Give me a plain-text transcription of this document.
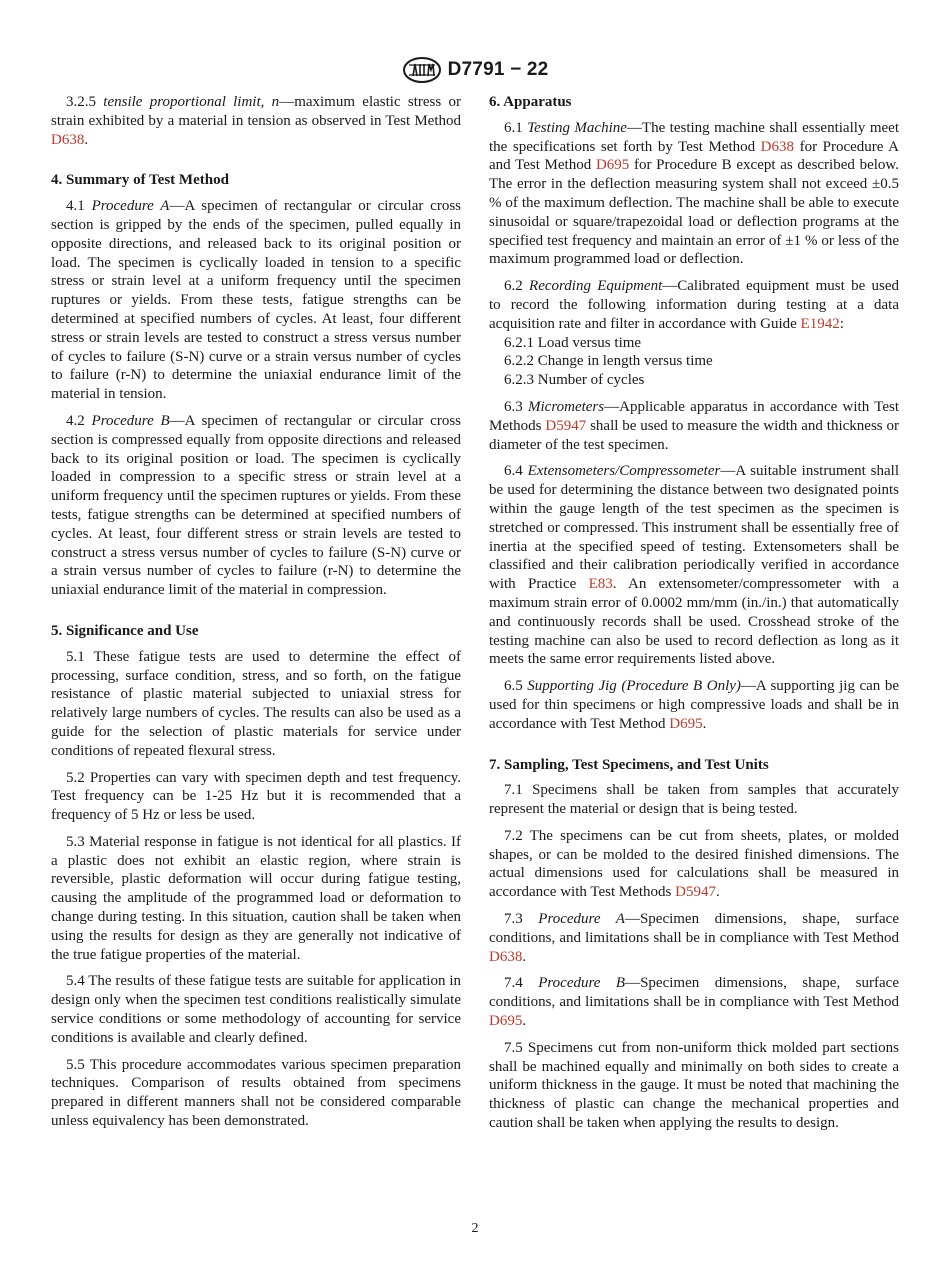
D7791 − 22

3.2.5 tensile proportional limit, n—maximum elastic stress or strain exhibited by a material in tension as observed in Test Method D638.

4. Summary of Test Method

4.1 Procedure A—A specimen of rectangular or circular cross section is gripped by the ends of the specimen, pulled equally in opposite directions, and released back to its original position or load. The specimen is cyclically loaded in tension to a specific stress or strain level at a uniform frequency until the specimen ruptures or yields. From these tests, fatigue strengths can be determined at specified numbers of cycles. At least, four different stress or strain levels are tested to construct a stress versus number of cycles to failure (S-N) curve or a strain versus number of cycles to failure (r-N) to determine the uniaxial endurance limit of the material in tension.

4.2 Procedure B—A specimen of rectangular or circular cross section is compressed equally from opposite directions and released back to its original position or load. The specimen is cyclically loaded in compression to a specific stress or strain level at a uniform frequency until the specimen ruptures or yields. From these tests, fatigue strengths can be determined at specified numbers of cycles. At least, four different stress or strain levels are tested to construct a stress versus number of cycles to failure (S-N) curve or a strain versus number of cycles to failure (r-N) to determine the uniaxial endurance limit of the material in compression.

5. Significance and Use

5.1 These fatigue tests are used to determine the effect of processing, surface condition, stress, and so forth, on the fatigue resistance of plastic material subjected to uniaxial stress for relatively large numbers of cycles. The results can also be used as a guide for the selection of plastic materials for service under conditions of repeated flexural stress.

5.2 Properties can vary with specimen depth and test frequency. Test frequency can be 1-25 Hz but it is recommended that a frequency of 5 Hz or less be used.

5.3 Material response in fatigue is not identical for all plastics. If a plastic does not exhibit an elastic region, where strain is reversible, plastic deformation will occur during fatigue testing, causing the amplitude of the programmed load or deformation to change during testing. In this situation, caution shall be taken when using the results for design as they are generally not indicative of the true fatigue properties of the material.

5.4 The results of these fatigue tests are suitable for application in design only when the specimen test conditions realistically simulate service conditions or some methodology of accounting for service conditions is available and clearly defined.

5.5 This procedure accommodates various specimen preparation techniques. Comparison of results obtained from specimens prepared in different manners shall not be considered comparable unless equivalency has been demonstrated.

6. Apparatus

6.1 Testing Machine—The testing machine shall essentially meet the specifications set forth by Test Method D638 for Procedure A and Test Method D695 for Procedure B except as described below. The error in the deflection measuring system shall not exceed ±0.5 % of the maximum deflection. The machine shall be able to execute sinusoidal or square/trapezoidal load or deflection programs at the specified test frequency and maintain an error of ±1 % or less of the maximum programmed load or deflection.

6.2 Recording Equipment—Calibrated equipment must be used to record the following information during testing at a data acquisition rate and filter in accordance with Guide E1942:

6.2.1 Load versus time
6.2.2 Change in length versus time
6.2.3 Number of cycles

6.3 Micrometers—Applicable apparatus in accordance with Test Methods D5947 shall be used to measure the width and thickness or diameter of the test specimen.

6.4 Extensometers/Compressometer—A suitable instrument shall be used for determining the distance between two designated points within the gauge length of the test specimen as the specimen is stretched or compressed. This instrument shall be essentially free of inertia at the specified speed of testing. Extensometers shall be classified and their calibration periodically verified in accordance with Practice E83. An extensometer/compressometer with a maximum strain error of 0.0002 mm/mm (in./in.) that automatically and continuously records shall be used. Crosshead stroke of the testing machine can also be used to record deflection as long as it meets the same error requirements listed above.

6.5 Supporting Jig (Procedure B Only)—A supporting jig can be used for thin specimens or high compressive loads and shall be in accordance with Test Method D695.

7. Sampling, Test Specimens, and Test Units

7.1 Specimens shall be taken from samples that accurately represent the material or design that is being tested.

7.2 The specimens can be cut from sheets, plates, or molded shapes, or can be molded to the desired finished dimensions. The actual dimensions used for calculations shall be measured in accordance with Test Methods D5947.

7.3 Procedure A—Specimen dimensions, shape, surface conditions, and limitations shall be in compliance with Test Method D638.

7.4 Procedure B—Specimen dimensions, shape, surface conditions, and limitations shall be in compliance with Test Method D695.

7.5 Specimens cut from non-uniform thick molded part sections shall be machined equally and minimally on both sides to create a uniform thickness in the gauge. It must be noted that machining the thickness of plastic can change the mechanical properties and caution shall be taken when applying the results to design.

2
